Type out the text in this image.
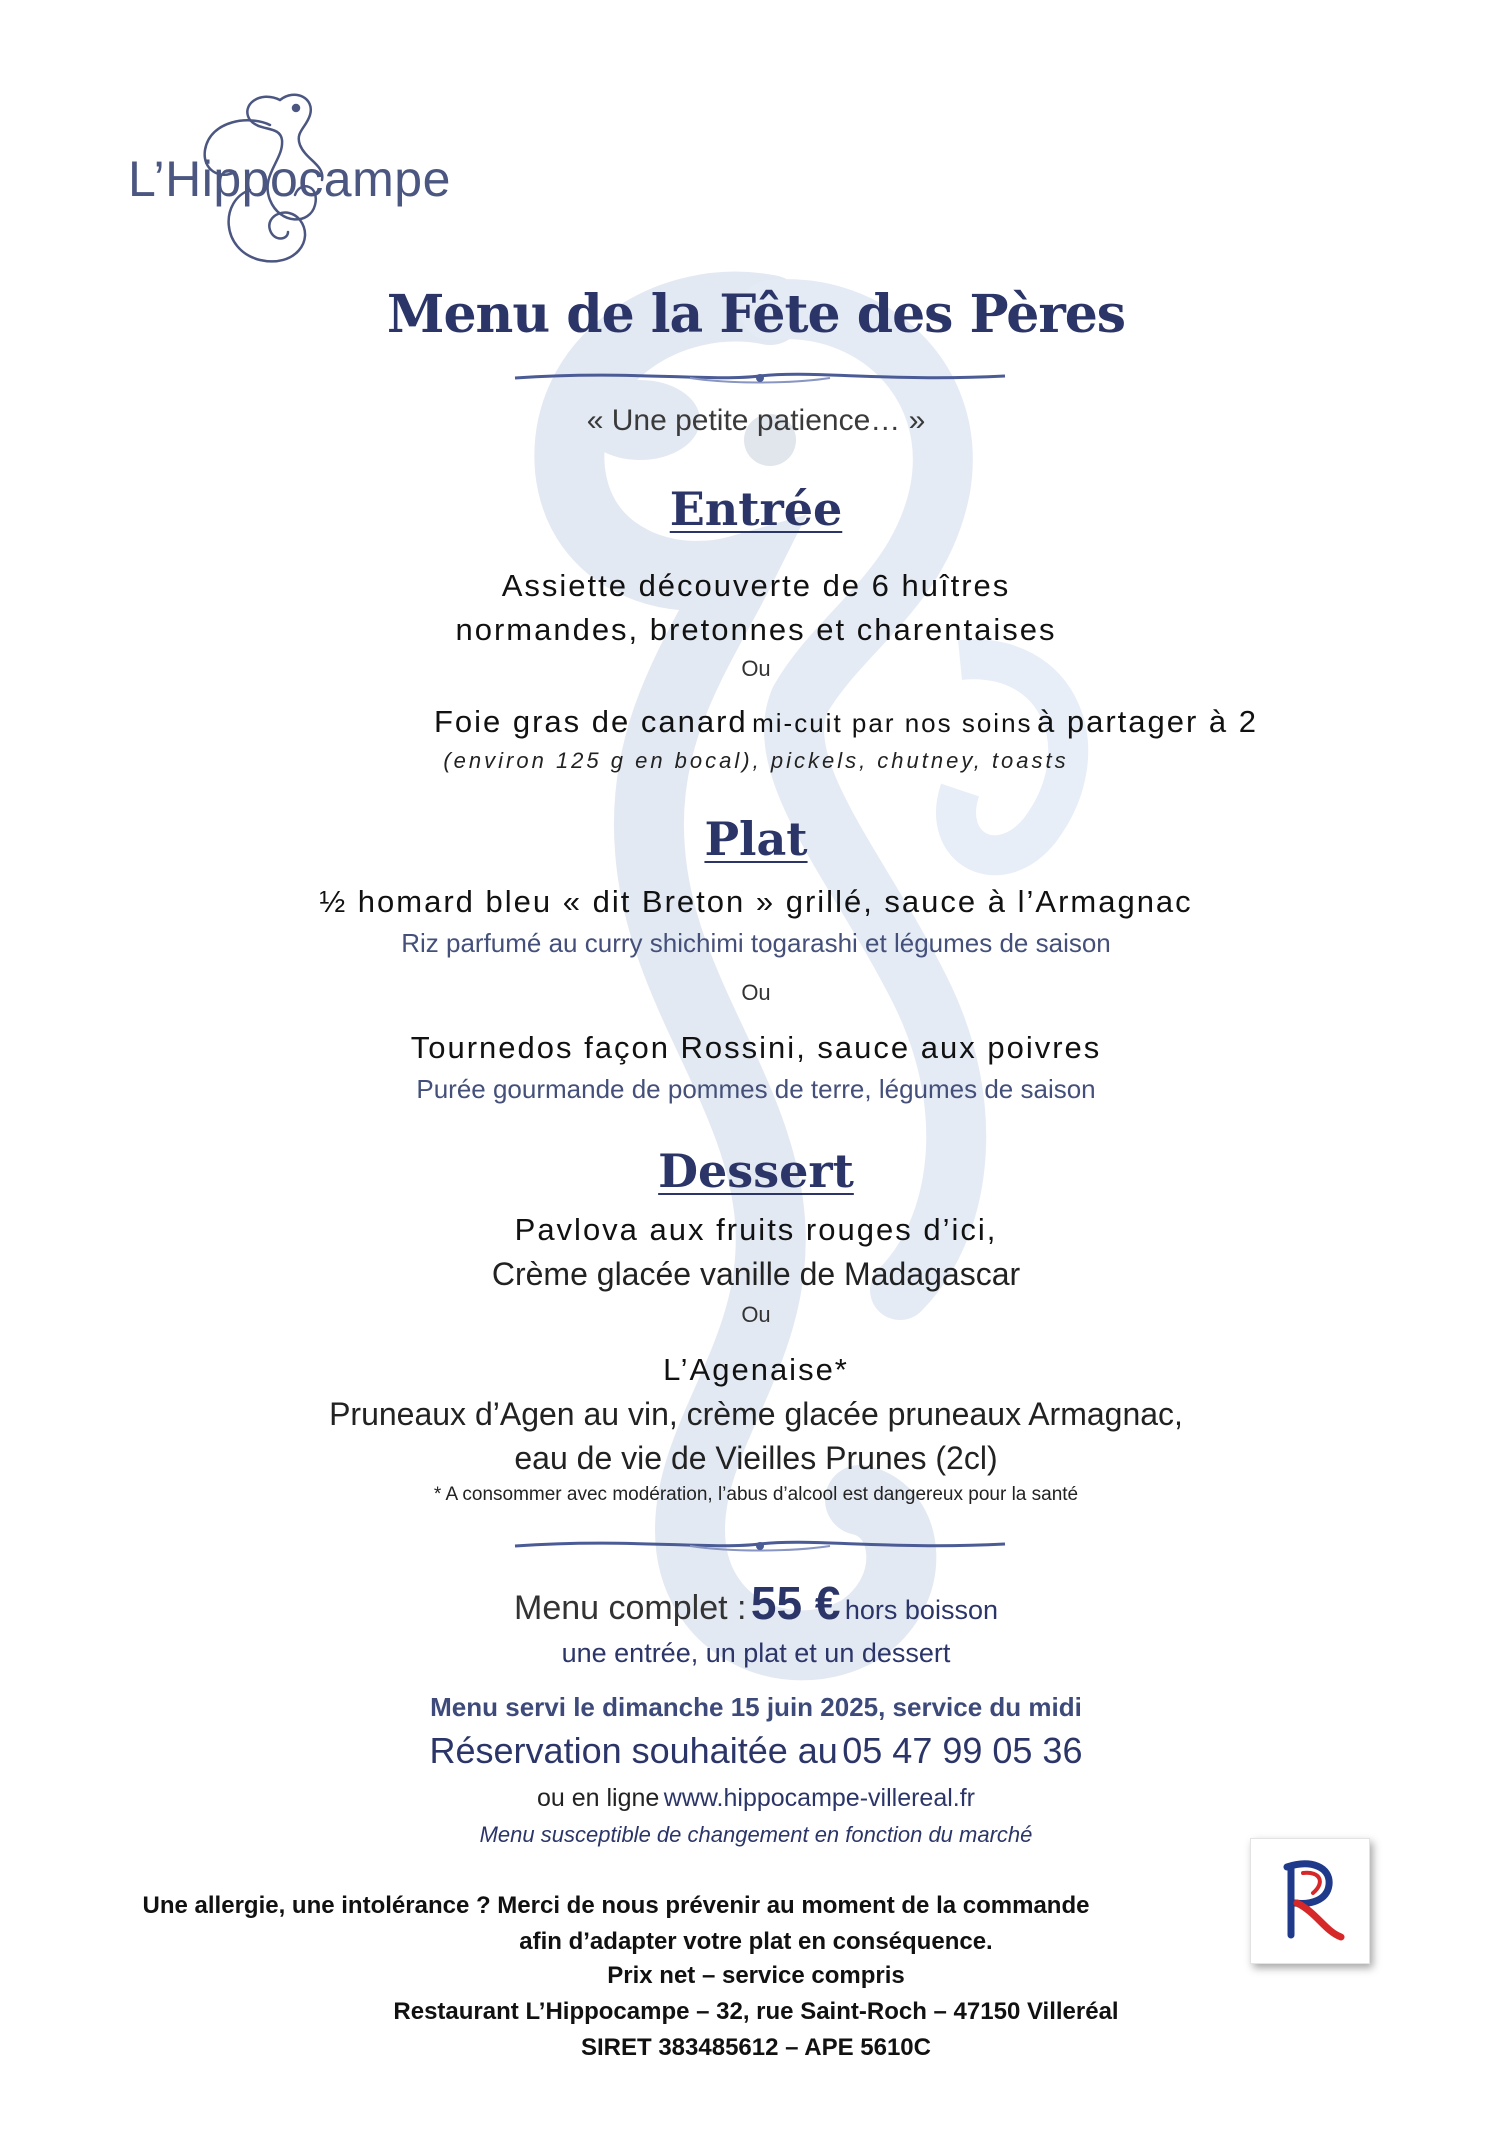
L’Hippocampe
Menu de la Fête des Pères
« Une petite patience… »
Entrée
Assiette découverte de 6 huîtres
normandes, bretonnes et charentaises
Ou
Foie gras de canard mi-cuit par nos soins à partager à 2
(environ 125 g en bocal), pickels, chutney, toasts
Plat
½ homard bleu « dit Breton » grillé, sauce à l’Armagnac
Riz parfumé au curry shichimi togarashi et légumes de saison
Ou
Tournedos façon Rossini, sauce aux poivres
Purée gourmande de pommes de terre, légumes de saison
Dessert
Pavlova aux fruits rouges d’ici,
Crème glacée vanille de Madagascar
Ou
L’Agenaise*
Pruneaux d’Agen au vin, crème glacée pruneaux Armagnac,
eau de vie de Vieilles Prunes (2cl)
* A consommer avec modération, l’abus d’alcool est dangereux pour la santé
Menu complet : 55 € hors boisson
une entrée, un plat et un dessert
Menu servi le dimanche 15 juin 2025, service du midi
Réservation souhaitée au 05 47 99 05 36
ou en ligne www.hippocampe-villereal.fr
Menu susceptible de changement en fonction du marché
Une allergie, une intolérance ? Merci de nous prévenir au moment de la commande
afin d’adapter votre plat en conséquence.
Prix net – service compris
Restaurant L’Hippocampe – 32, rue Saint-Roch – 47150 Villeréal
SIRET 383485612 – APE 5610C
